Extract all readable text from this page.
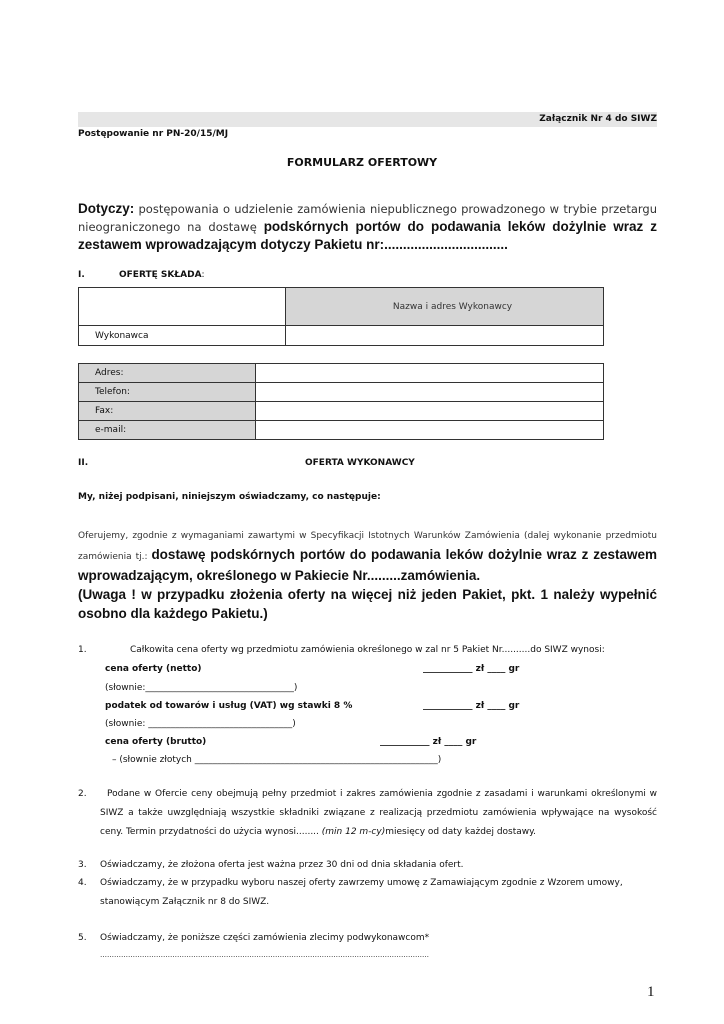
Załącznik Nr 4 do SIWZ
Postępowanie nr PN-20/15/MJ
FORMULARZ OFERTOWY
Dotyczy: postępowania o udzielenie zamówienia niepublicznego prowadzonego w trybie przetargu nieograniczonego na dostawę podskórnych portów do podawania leków dożylnie wraz z zestawem wprowadzającym dotyczy Pakietu nr:.................................
I.	OFERTĘ SKŁADA:
	Nazwa i adres Wykonawcy
Wykonawca	
Adres:	
Telefon:	
Fax:	
e-mail:	
II.	OFERTA WYKONAWCY
My, niżej podpisani, niniejszym oświadczamy, co następuje:
Oferujemy, zgodnie z wymaganiami zawartymi w Specyfikacji Istotnych Warunków Zamówienia (dalej wykonanie przedmiotu zamówienia tj.: dostawę podskórnych portów do podawania leków dożylnie wraz z zestawem wprowadzającym, określonego w Pakiecie Nr.........zamówienia.
(Uwaga ! w przypadku złożenia oferty na więcej niż jeden Pakiet, pkt. 1 należy wypełnić osobno dla każdego Pakietu.)
1.	Całkowita cena oferty wg przedmiotu zamówienia określonego w zal nr 5 Pakiet Nr..........do SIWZ wynosi:
cena oferty (netto)	___________ zł ____ gr
(słownie:_________________________________)
podatek od towarów i usług (VAT) wg stawki 8 %	___________ zł ____ gr
(słownie: ________________________________)
cena oferty (brutto)	___________ zł ____ gr
– (słownie złotych ______________________________________________________)
2.	Podane w Ofercie ceny obejmują pełny przedmiot i zakres zamówienia zgodnie z zasadami i warunkami określonymi w SIWZ a także uwzględniają wszystkie składniki związane z realizacją przedmiotu zamówienia wpływające na wysokość ceny. Termin przydatności do użycia wynosi........ (min 12 m-cy)miesięcy od daty każdej dostawy.
3. Oświadczamy, że złożona oferta jest ważna przez 30 dni od dnia składania ofert.
4. Oświadczamy, że w przypadku wyboru naszej oferty zawrzemy umowę z Zamawiającym zgodnie z Wzorem umowy, stanowiącym Załącznik nr 8 do SIWZ.
5. Oświadczamy, że poniższe części zamówienia zlecimy podwykonawcom*
……………………………………………………………………………………………………………………………
1
